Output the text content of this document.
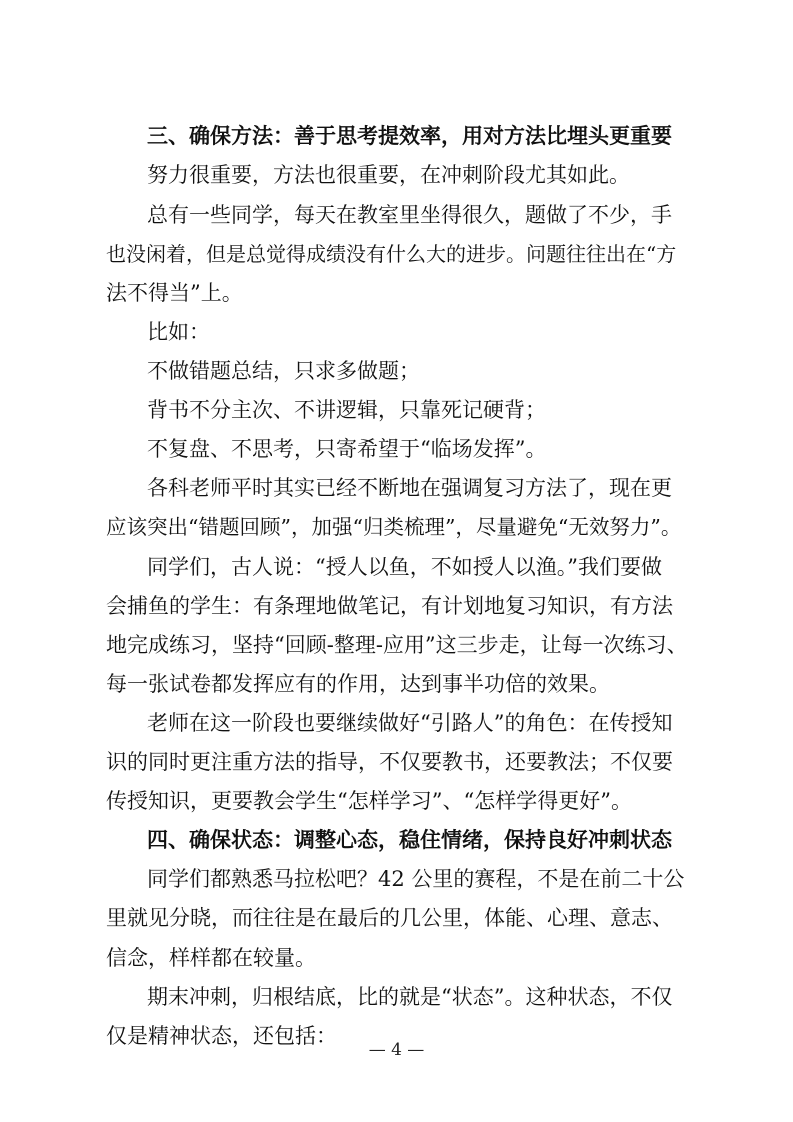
三、确保方法：善于思考提效率，用对方法比埋头更重要
努力很重要，方法也很重要，在冲刺阶段尤其如此。
总有一些同学，每天在教室里坐得很久，题做了不少，手
也没闲着，但是总觉得成绩没有什么大的进步。问题往往出在“方
法不得当”上。
比如：
不做错题总结，只求多做题；
背书不分主次、不讲逻辑，只靠死记硬背；
不复盘、不思考，只寄希望于“临场发挥”。
各科老师平时其实已经不断地在强调复习方法了，现在更
应该突出“错题回顾”，加强“归类梳理”，尽量避免“无效努力”。
同学们，古人说：“授人以鱼，不如授人以渔。”我们要做
会捕鱼的学生：有条理地做笔记，有计划地复习知识，有方法
地完成练习，坚持“回顾-整理-应用”这三步走，让每一次练习、
每一张试卷都发挥应有的作用，达到事半功倍的效果。
老师在这一阶段也要继续做好“引路人”的角色：在传授知
识的同时更注重方法的指导，不仅要教书，还要教法；不仅要
传授知识，更要教会学生“怎样学习”、“怎样学得更好”。
四、确保状态：调整心态，稳住情绪，保持良好冲刺状态
同学们都熟悉马拉松吧？42 公里的赛程，不是在前二十公
里就见分晓，而往往是在最后的几公里，体能、心理、意志、
信念，样样都在较量。
期末冲刺，归根结底，比的就是“状态”。这种状态，不仅
仅是精神状态，还包括：
— 4 —
